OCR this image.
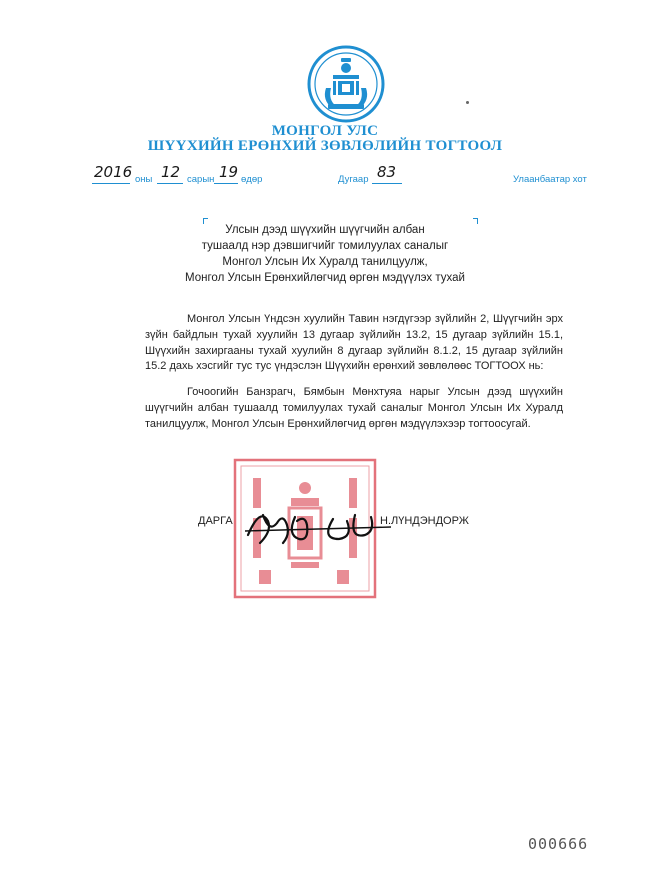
МОНГОЛ УЛС
ШҮҮХИЙН ЕРӨНХИЙ ЗӨВЛӨЛИЙН ТОГТООЛ
2016 оны 12 сарын 19 өдөр	Дугаар 83	Улаанбаатар хот
Улсын дээд шүүхийн шүүгчийн албан
тушаалд нэр дэвшигчийг томилуулах саналыг
Монгол Улсын Их Хуралд танилцуулж,
Монгол Улсын Ерөнхийлөгчид өргөн мэдүүлэх тухай
Монгол Улсын Үндсэн хуулийн Тавин нэгдүгээр зүйлийн 2, Шүүгчийн эрх зүйн байдлын тухай хуулийн 13 дугаар зүйлийн 13.2, 15 дугаар зүйлийн 15.1, Шүүхийн захиргааны тухай хуулийн 8 дугаар зүйлийн 8.1.2, 15 дугаар зүйлийн 15.2 дахь хэсгийг тус тус үндэслэн Шүүхийн ерөнхий зөвлөлөөс ТОГТООХ нь:
Гочоогийн Банзрагч, Бямбын Мөнхтуяа нарыг Улсын дээд шүүхийн шүүгчийн албан тушаалд томилуулах тухай саналыг Монгол Улсын Их Хуралд танилцуулж, Монгол Улсын Ерөнхийлөгчид өргөн мэдүүлэхээр тогтоосугай.
ДАРГА	Н.ЛҮНДЭНДОРЖ
000666
